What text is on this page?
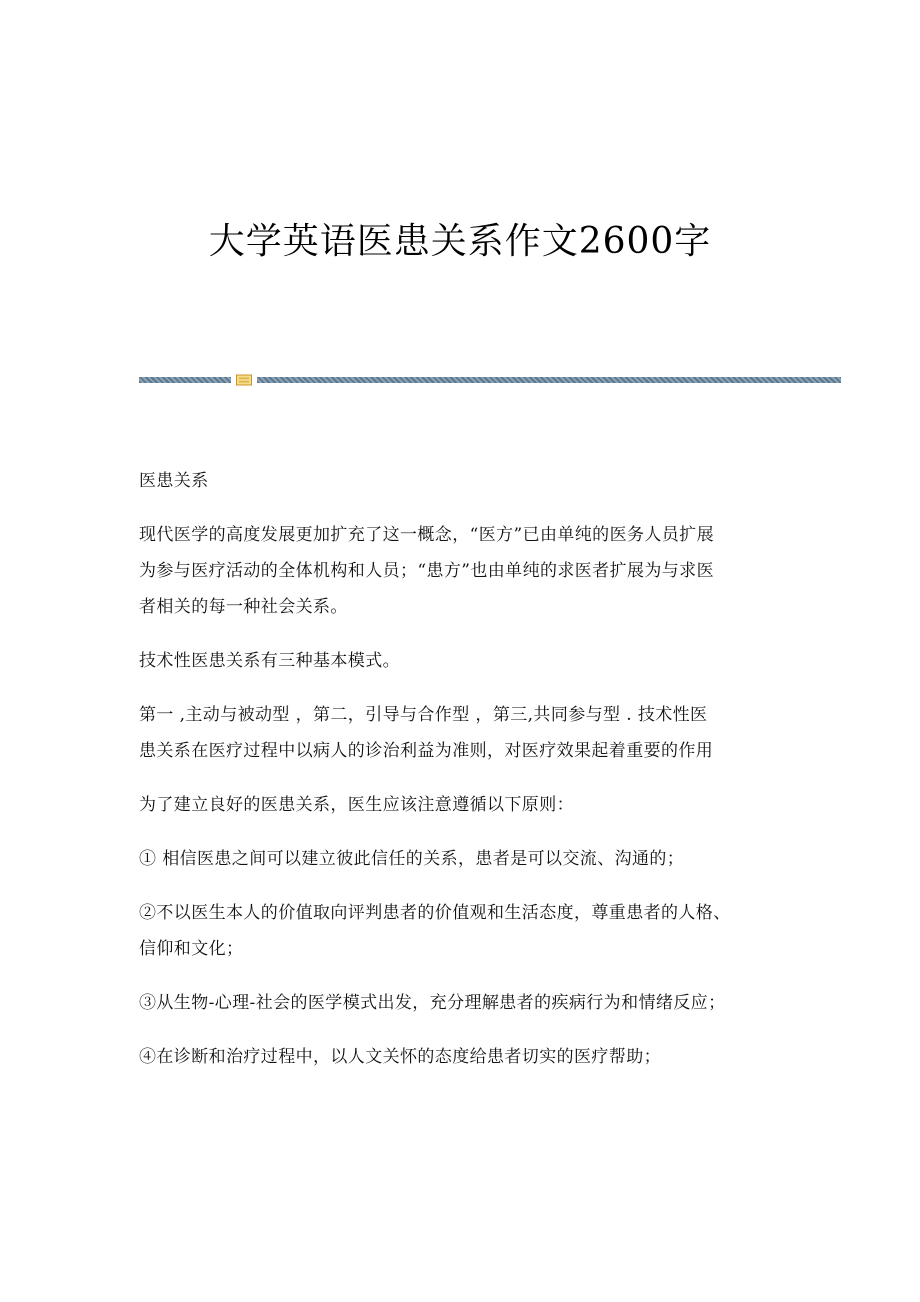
大学英语医患关系作文2600字

医患关系

现代医学的高度发展更加扩充了这一概念，“医方”已由单纯的医务人员扩展
为参与医疗活动的全体机构和人员；“患方”也由单纯的求医者扩展为与求医
者相关的每一种社会关系。

技术性医患关系有三种基本模式。

第一 ,主动与被动型 ，第二，引导与合作型 ，第三,共同参与型 . 技术性医
患关系在医疗过程中以病人的诊治利益为准则，对医疗效果起着重要的作用

为了建立良好的医患关系，医生应该注意遵循以下原则：

① 相信医患之间可以建立彼此信任的关系，患者是可以交流、沟通的；

②不以医生本人的价值取向评判患者的价值观和生活态度，尊重患者的人格、
信仰和文化；

③从生物-心理-社会的医学模式出发，充分理解患者的疾病行为和情绪反应；

④在诊断和治疗过程中，以人文关怀的态度给患者切实的医疗帮助；
